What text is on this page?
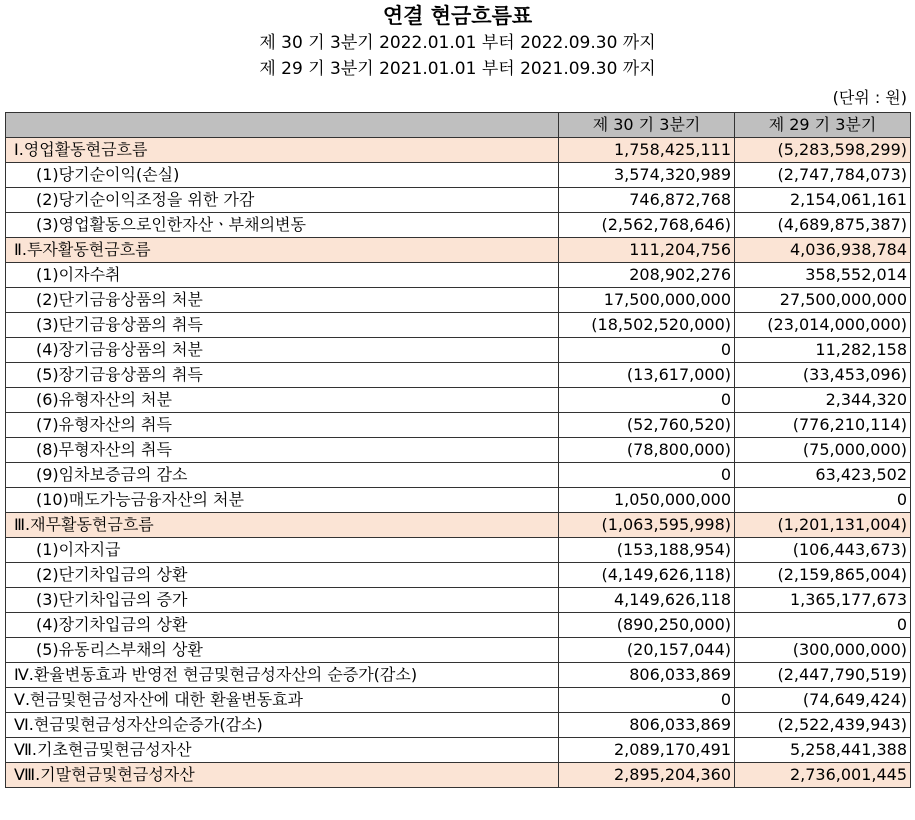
연결 현금흐름표
제 30 기 3분기 2022.01.01 부터 2022.09.30 까지
제 29 기 3분기 2021.01.01 부터 2021.09.30 까지
(단위 : 원)
	제 30 기 3분기	제 29 기 3분기
Ⅰ.영업활동현금흐름	1,758,425,111	(5,283,598,299)
(1)당기순이익(손실)	3,574,320,989	(2,747,784,073)
(2)당기순이익조정을 위한 가감	746,872,768	2,154,061,161
(3)영업활동으로인한자산ㆍ부채의변동	(2,562,768,646)	(4,689,875,387)
Ⅱ.투자활동현금흐름	111,204,756	4,036,938,784
(1)이자수취	208,902,276	358,552,014
(2)단기금융상품의 처분	17,500,000,000	27,500,000,000
(3)단기금융상품의 취득	(18,502,520,000)	(23,014,000,000)
(4)장기금융상품의 처분	0	11,282,158
(5)장기금융상품의 취득	(13,617,000)	(33,453,096)
(6)유형자산의 처분	0	2,344,320
(7)유형자산의 취득	(52,760,520)	(776,210,114)
(8)무형자산의 취득	(78,800,000)	(75,000,000)
(9)임차보증금의 감소	0	63,423,502
(10)매도가능금융자산의 처분	1,050,000,000	0
Ⅲ.재무활동현금흐름	(1,063,595,998)	(1,201,131,004)
(1)이자지급	(153,188,954)	(106,443,673)
(2)단기차입금의 상환	(4,149,626,118)	(2,159,865,004)
(3)단기차입금의 증가	4,149,626,118	1,365,177,673
(4)장기차입금의 상환	(890,250,000)	0
(5)유동리스부채의 상환	(20,157,044)	(300,000,000)
Ⅳ.환율변동효과 반영전 현금및현금성자산의 순증가(감소)	806,033,869	(2,447,790,519)
Ⅴ.현금및현금성자산에 대한 환율변동효과	0	(74,649,424)
Ⅵ.현금및현금성자산의순증가(감소)	806,033,869	(2,522,439,943)
Ⅶ.기초현금및현금성자산	2,089,170,491	5,258,441,388
Ⅷ.기말현금및현금성자산	2,895,204,360	2,736,001,445
